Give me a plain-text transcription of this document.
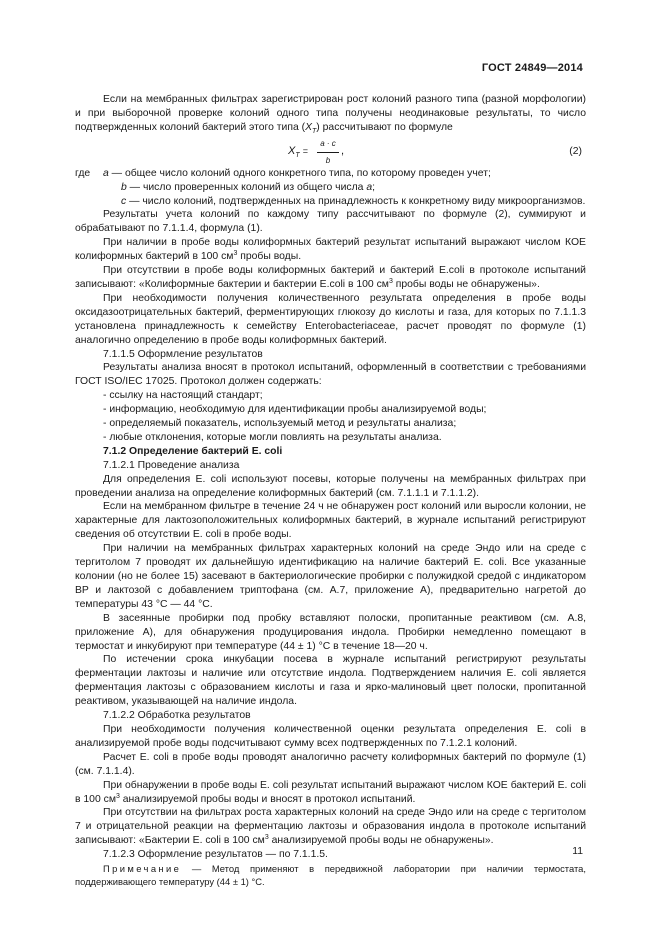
ГОСТ 24849—2014

Если на мембранных фильтрах зарегистрирован рост колоний разного типа (разной морфологии) и при выборочной проверке колоний одного типа получены неодинаковые результаты, то число подтвержденных колоний бактерий этого типа $(X_T)$ рассчитывают по формуле

$X_T = \frac{a \cdot c}{b}$ ,	(2)
где	a — общее число колоний одного конкретного типа, по которому проведен учет;
b — число проверенных колоний из общего числа a;
c — число колоний, подтвержденных на принадлежность к конкретному виду микроорганизмов.

Результаты учета колоний по каждому типу рассчитывают по формуле (2), суммируют и обрабатывают по 7.1.1.4, формула (1).

При наличии в пробе воды колиформных бактерий результат испытаний выражают числом КОЕ колиформных бактерий в 100 $см^3$ пробы воды.

При отсутствии в пробе воды колиформных бактерий и бактерий E.coli в протоколе испытаний записывают: «Колиформные бактерии и бактерии E.coli в 100 $см^3$ пробы воды не обнаружены».

При необходимости получения количественного результата определения в пробе воды оксидазоотрицательных бактерий, ферментирующих глюкозу до кислоты и газа, для которых по 7.1.1.3 установлена принадлежность к семейству Enterobacteriaceae, расчет проводят по формуле (1) аналогично определению в пробе воды колиформных бактерий.

7.1.1.5 Оформление результатов

Результаты анализа вносят в протокол испытаний, оформленный в соответствии с требованиями ГОСТ ISO/IEC 17025. Протокол должен содержать:

- ссылку на настоящий стандарт;

- информацию, необходимую для идентификации пробы анализируемой воды;

- определяемый показатель, используемый метод и результаты анализа;

- любые отклонения, которые могли повлиять на результаты анализа.

7.1.2 Определение бактерий E. coli

7.1.2.1 Проведение анализа

Для определения E. coli используют посевы, которые получены на мембранных фильтрах при проведении анализа на определение колиформных бактерий (см. 7.1.1.1 и 7.1.1.2).

Если на мембранном фильтре в течение 24 ч не обнаружен рост колоний или выросли колонии, не характерные для лактозоположительных колиформных бактерий, в журнале испытаний регистрируют сведения об отсутствии E. coli в пробе воды.

При наличии на мембранных фильтрах характерных колоний на среде Эндо или на среде с тергитолом 7 проводят их дальнейшую идентификацию на наличие бактерий E. coli. Все указанные колонии (но не более 15) засевают в бактериологические пробирки с полужидкой средой с индикатором ВР и лактозой с добавлением триптофана (см. А.7, приложение А), предварительно нагретой до температуры 43 °С — 44 °С.

В засеянные пробирки под пробку вставляют полоски, пропитанные реактивом (см. А.8, приложение А), для обнаружения продуцирования индола. Пробирки немедленно помещают в термостат и инкубируют при температуре (44 ± 1) °С в течение 18—20 ч.

По истечении срока инкубации посева в журнале испытаний регистрируют результаты ферментации лактозы и наличие или отсутствие индола. Подтверждением наличия E. coli является ферментация лактозы с образованием кислоты и газа и ярко-малиновый цвет полоски, пропитанной реактивом, указывающей на наличие индола.

7.1.2.2 Обработка результатов

При необходимости получения количественной оценки результата определения E. coli в анализируемой пробе воды подсчитывают сумму всех подтвержденных по 7.1.2.1 колоний.

Расчет E. coli в пробе воды проводят аналогично расчету колиформных бактерий по формуле (1) (см. 7.1.1.4).

При обнаружении в пробе воды E. coli результат испытаний выражают числом КОЕ бактерий E. coli в 100 $см^3$ анализируемой пробы воды и вносят в протокол испытаний.

При отсутствии на фильтрах роста характерных колоний на среде Эндо или на среде с тергитолом 7 и отрицательной реакции на ферментацию лактозы и образования индола в протоколе испытаний записывают: «Бактерии E. coli в 100 $см^3$ анализируемой пробы воды не обнаружены».

7.1.2.3 Оформление результатов — по 7.1.1.5.

Примечание — Метод применяют в передвижной лаборатории при наличии термостата, поддерживающего температуру (44 ± 1) °С.

11
